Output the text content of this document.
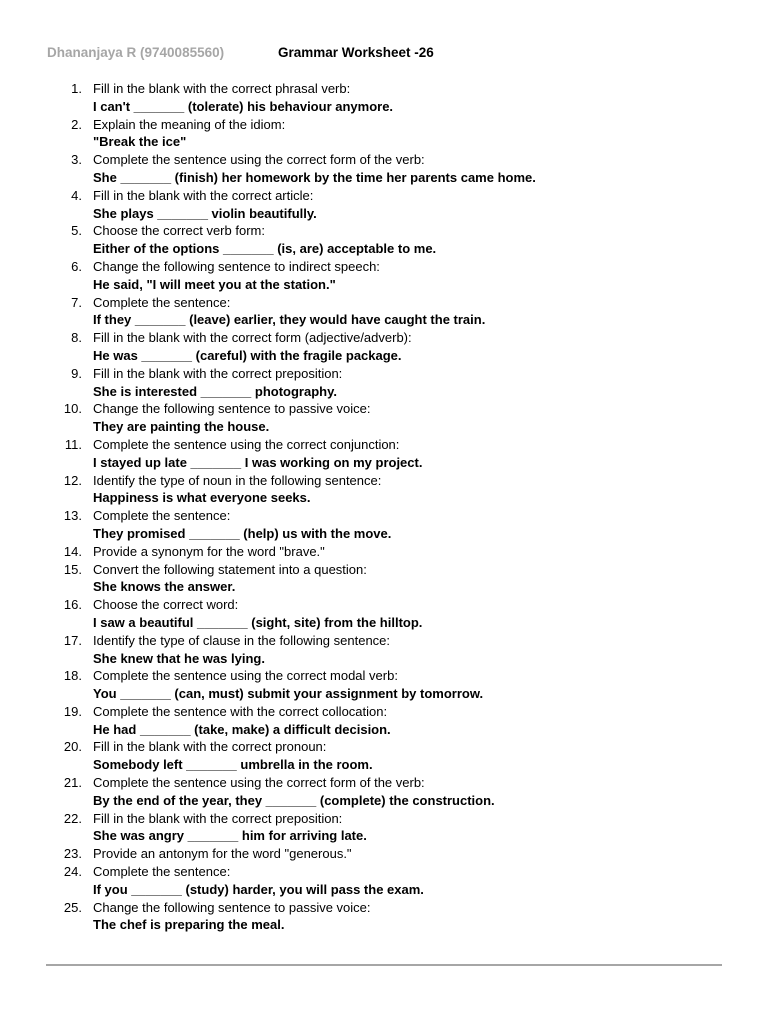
Dhananjaya R (9740085560)	Grammar Worksheet -26
1. Fill in the blank with the correct phrasal verb:
I can't _______ (tolerate) his behaviour anymore.
2. Explain the meaning of the idiom:
"Break the ice"
3. Complete the sentence using the correct form of the verb:
She _______ (finish) her homework by the time her parents came home.
4. Fill in the blank with the correct article:
She plays _______ violin beautifully.
5. Choose the correct verb form:
Either of the options _______ (is, are) acceptable to me.
6. Change the following sentence to indirect speech:
He said, "I will meet you at the station."
7. Complete the sentence:
If they _______ (leave) earlier, they would have caught the train.
8. Fill in the blank with the correct form (adjective/adverb):
He was _______ (careful) with the fragile package.
9. Fill in the blank with the correct preposition:
She is interested _______ photography.
10. Change the following sentence to passive voice:
They are painting the house.
11. Complete the sentence using the correct conjunction:
I stayed up late _______ I was working on my project.
12. Identify the type of noun in the following sentence:
Happiness is what everyone seeks.
13. Complete the sentence:
They promised _______ (help) us with the move.
14. Provide a synonym for the word "brave."
15. Convert the following statement into a question:
She knows the answer.
16. Choose the correct word:
I saw a beautiful _______ (sight, site) from the hilltop.
17. Identify the type of clause in the following sentence:
She knew that he was lying.
18. Complete the sentence using the correct modal verb:
You _______ (can, must) submit your assignment by tomorrow.
19. Complete the sentence with the correct collocation:
He had _______ (take, make) a difficult decision.
20. Fill in the blank with the correct pronoun:
Somebody left _______ umbrella in the room.
21. Complete the sentence using the correct form of the verb:
By the end of the year, they _______ (complete) the construction.
22. Fill in the blank with the correct preposition:
She was angry _______ him for arriving late.
23. Provide an antonym for the word "generous."
24. Complete the sentence:
If you _______ (study) harder, you will pass the exam.
25. Change the following sentence to passive voice:
The chef is preparing the meal.
